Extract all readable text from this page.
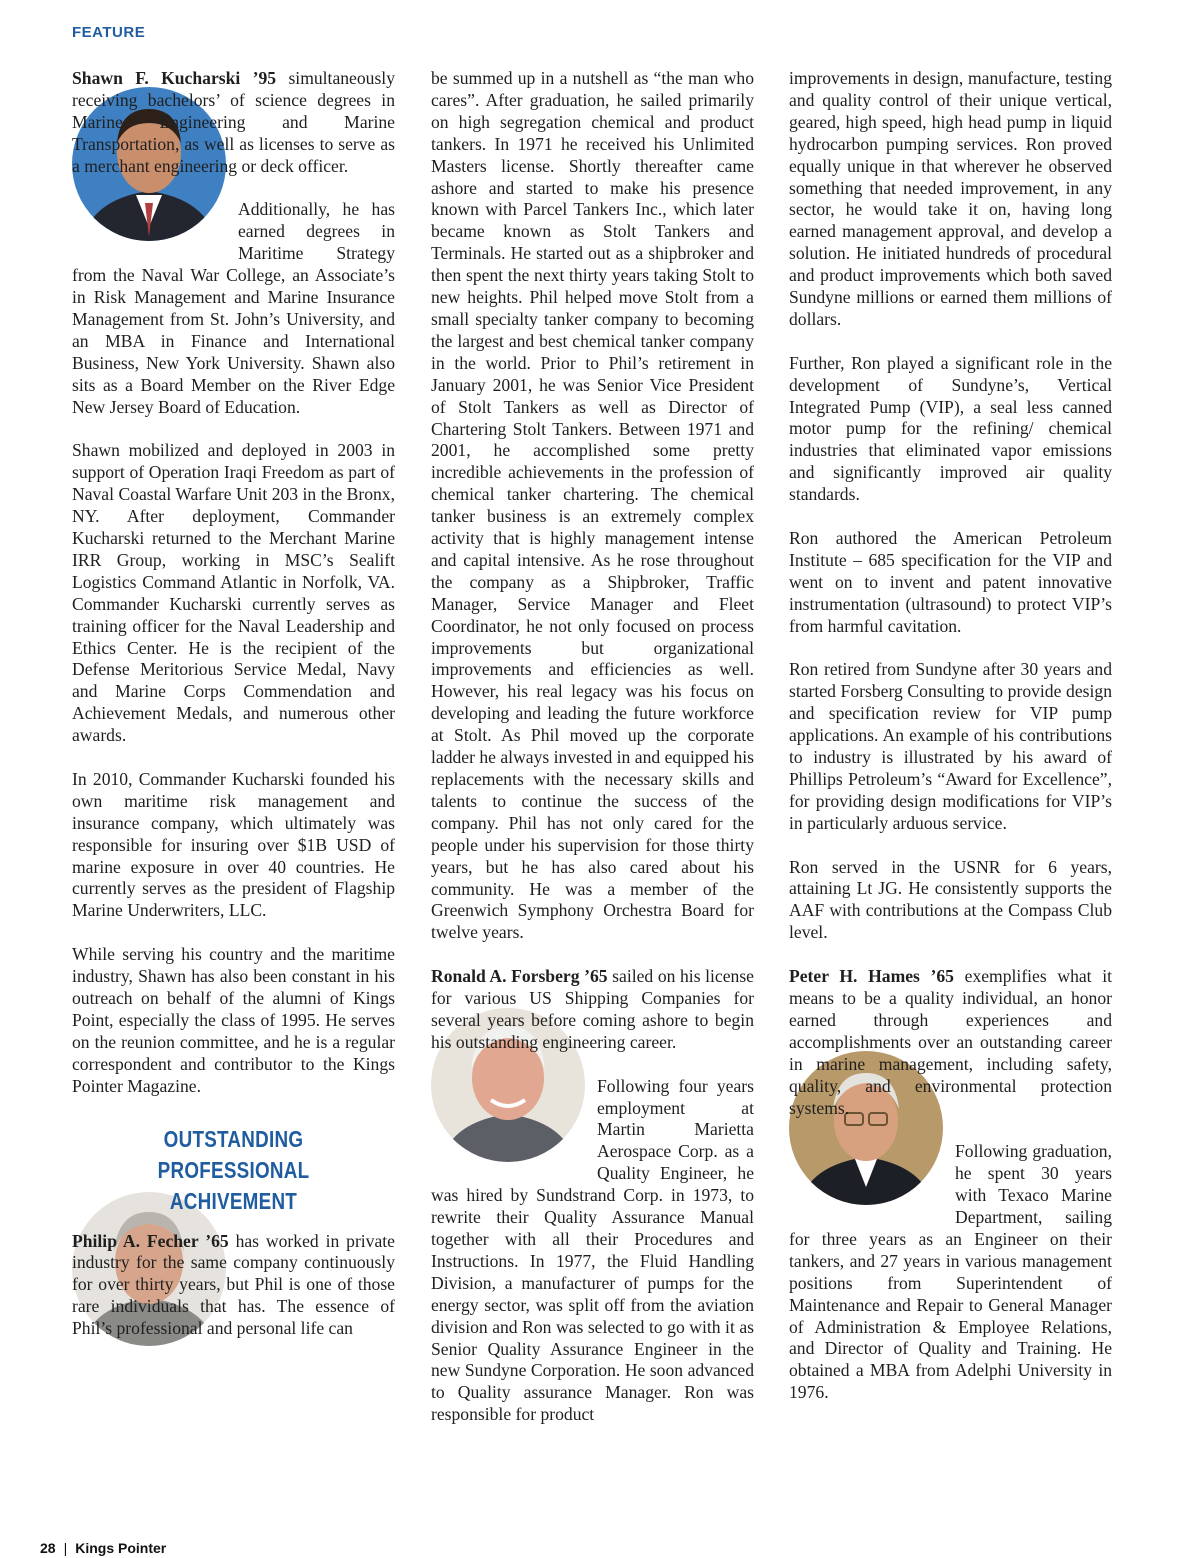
FEATURE

Shawn F. Kucharski ’95 simultaneously receiving bachelors’ of science degrees in Marine Engineering and Marine Transportation, as well as licenses to serve as a merchant engineering or deck officer.

Additionally, he has earned degrees in Maritime Strategy from the Naval War College, an Associate’s in Risk Management and Marine Insurance Management from St. John’s University, and an MBA in Finance and International Business, New York University. Shawn also sits as a Board Member on the River Edge New Jersey Board of Education.

Shawn mobilized and deployed in 2003 in support of Operation Iraqi Freedom as part of Naval Coastal Warfare Unit 203 in the Bronx, NY. After deployment, Commander Kucharski returned to the Merchant Marine IRR Group, working in MSC’s Sealift Logistics Command Atlantic in Norfolk, VA. Commander Kucharski currently serves as training officer for the Naval Leadership and Ethics Center. He is the recipient of the Defense Meritorious Service Medal, Navy and Marine Corps Commendation and Achievement Medals, and numerous other awards.

In 2010, Commander Kucharski founded his own maritime risk management and insurance company, which ultimately was responsible for insuring over $1B USD of marine exposure in over 40 countries. He currently serves as the president of Flagship Marine Underwriters, LLC.

While serving his country and the maritime industry, Shawn has also been constant in his outreach on behalf of the alumni of Kings Point, especially the class of 1995. He serves on the reunion committee, and he is a regular correspondent and contributor to the Kings Pointer Magazine.

OUTSTANDING PROFESSIONAL
ACHIVEMENT

Philip A. Fecher ’65 has worked in private industry for the same company continuously for over thirty years, but Phil is one of those rare individuals that has. The essence of Phil’s professional and personal life can

be summed up in a nutshell as “the man who cares”. After graduation, he sailed primarily on high segregation chemical and product tankers. In 1971 he received his Unlimited Masters license. Shortly thereafter came ashore and started to make his presence known with Parcel Tankers Inc., which later became known as Stolt Tankers and Terminals. He started out as a shipbroker and then spent the next thirty years taking Stolt to new heights. Phil helped move Stolt from a small specialty tanker company to becoming the largest and best chemical tanker company in the world. Prior to Phil’s retirement in January 2001, he was Senior Vice President of Stolt Tankers as well as Director of Chartering Stolt Tankers. Between 1971 and 2001, he accomplished some pretty incredible achievements in the profession of chemical tanker chartering. The chemical tanker business is an extremely complex activity that is highly management intense and capital intensive. As he rose throughout the company as a Shipbroker, Traffic Manager, Service Manager and Fleet Coordinator, he not only focused on process improvements but organizational improvements and efficiencies as well. However, his real legacy was his focus on developing and leading the future workforce at Stolt. As Phil moved up the corporate ladder he always invested in and equipped his replacements with the necessary skills and talents to continue the success of the company. Phil has not only cared for the people under his supervision for those thirty years, but he has also cared about his community. He was a member of the Greenwich Symphony Orchestra Board for twelve years.

Ronald A. Forsberg ’65 sailed on his license for various US Shipping Companies for several years before coming ashore to begin his outstanding engineering career.

Following four years employment at Martin Marietta Aerospace Corp. as a Quality Engineer, he was hired by Sundstrand Corp. in 1973, to rewrite their Quality Assurance Manual together with all their Procedures and Instructions. In 1977, the Fluid Handling Division, a manufacturer of pumps for the energy sector, was split off from the aviation division and Ron was selected to go with it as Senior Quality Assurance Engineer in the new Sundyne Corporation. He soon advanced to Quality assurance Manager. Ron was responsible for product

improvements in design, manufacture, testing and quality control of their unique vertical, geared, high speed, high head pump in liquid hydrocarbon pumping services. Ron proved equally unique in that wherever he observed something that needed improvement, in any sector, he would take it on, having long earned management approval, and develop a solution. He initiated hundreds of procedural and product improvements which both saved Sundyne millions or earned them millions of dollars.

Further, Ron played a significant role in the development of Sundyne’s, Vertical Integrated Pump (VIP), a seal less canned motor pump for the refining/ chemical industries that eliminated vapor emissions and significantly improved air quality standards.

Ron authored the American Petroleum Institute – 685 specification for the VIP and went on to invent and patent innovative instrumentation (ultrasound) to protect VIP’s from harmful cavitation.

Ron retired from Sundyne after 30 years and started Forsberg Consulting to provide design and specification review for VIP pump applications. An example of his contributions to industry is illustrated by his award of Phillips Petroleum’s “Award for Excellence”, for providing design modifications for VIP’s in particularly arduous service.

Ron served in the USNR for 6 years, attaining Lt JG. He consistently supports the AAF with contributions at the Compass Club level.

Peter H. Hames ’65 exemplifies what it means to be a quality individual, an honor earned through experiences and accomplishments over an outstanding career in marine management, including safety, quality, and environmental protection systems.

Following graduation, he spent 30 years with Texaco Marine Department, sailing for three years as an Engineer on their tankers, and 27 years in various management positions from Superintendent of Maintenance and Repair to General Manager of Administration & Employee Relations, and Director of Quality and Training. He obtained a MBA from Adelphi University in 1976.

28 | Kings Pointer
